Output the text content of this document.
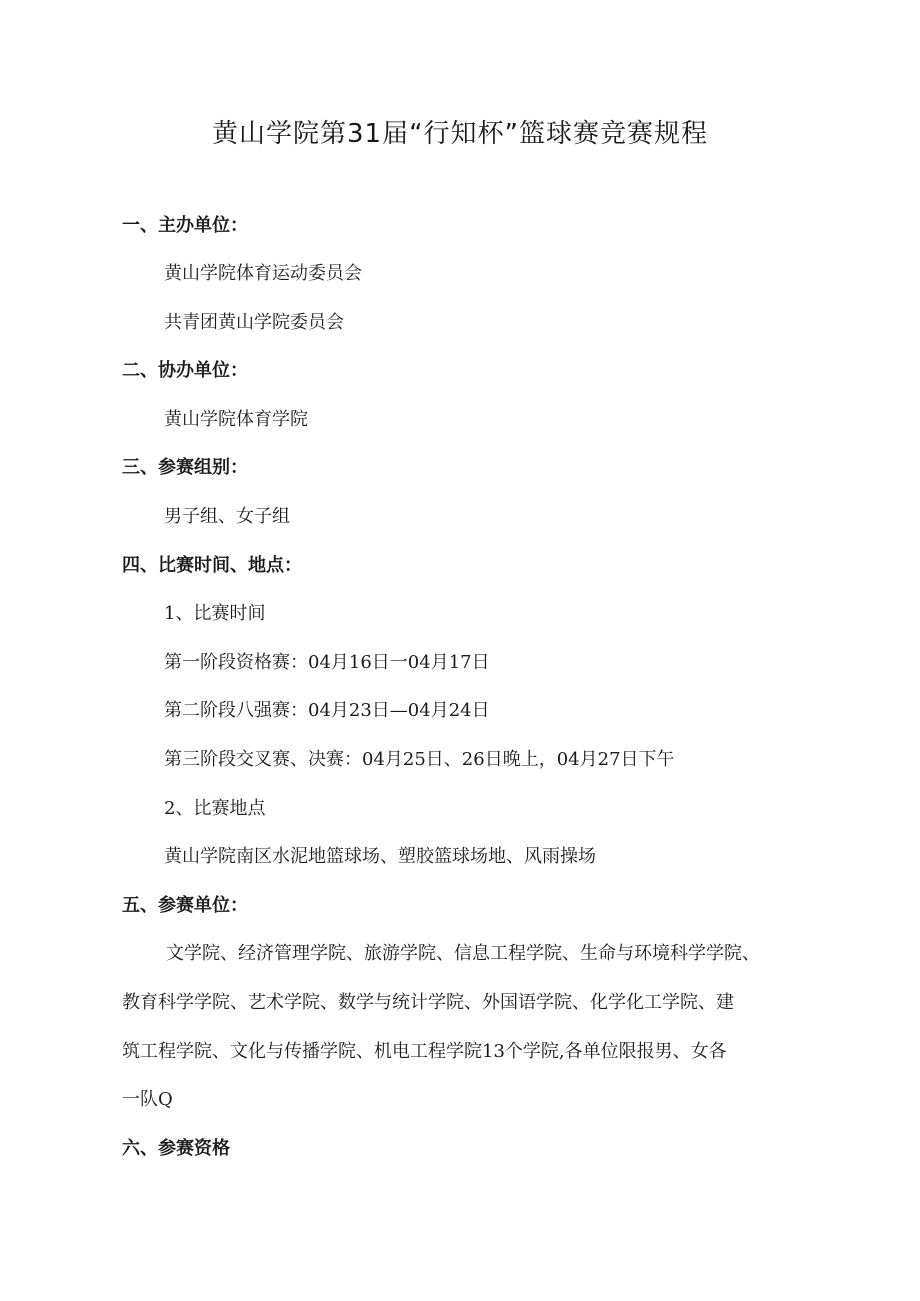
黄山学院第31届“行知杯”篮球赛竞赛规程
一、主办单位：
黄山学院体育运动委员会
共青团黄山学院委员会
二、协办单位：
黄山学院体育学院
三、参赛组别：
男子组、女子组
四、比赛时间、地点：
1、比赛时间
第一阶段资格赛：04月16日一04月17日
第二阶段八强赛：04月23日—04月24日
第三阶段交叉赛、决赛：04月25日、26日晚上，04月27日下午
2、比赛地点
黄山学院南区水泥地篮球场、塑胶篮球场地、风雨操场
五、参赛单位：
文学院、经济管理学院、旅游学院、信息工程学院、生命与环境科学学院、
教育科学学院、艺术学院、数学与统计学院、外国语学院、化学化工学院、建
筑工程学院、文化与传播学院、机电工程学院13个学院,各单位限报男、女各
一队Q
六、参赛资格
